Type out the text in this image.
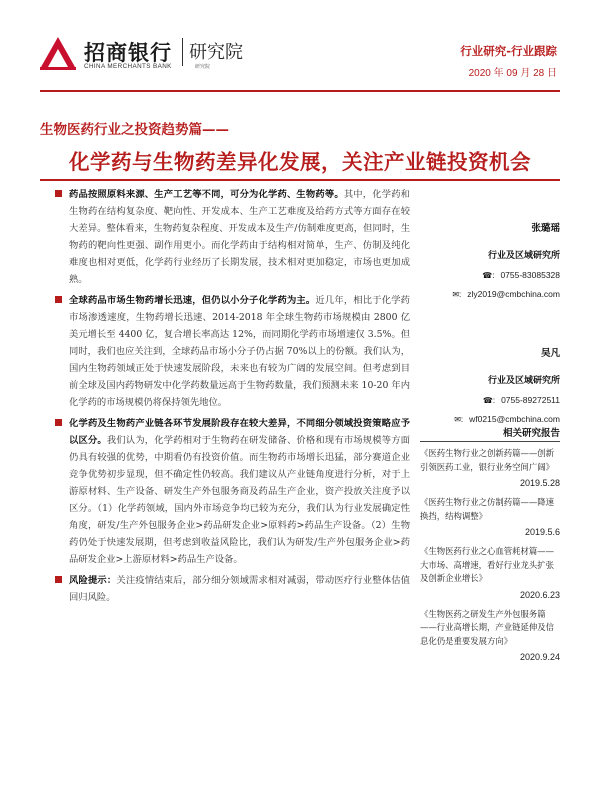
招商银行 研究院
CHINA MERCHANTS BANK	研究院
行业研究-行业跟踪
2020 年 09 月 28 日
生物医药行业之投资趋势篇——
化学药与生物药差异化发展，关注产业链投资机会
药品按照原料来源、生产工艺等不同，可分为化学药、生物药等。其中，化学药和生物药在结构复杂度、靶向性、开发成本、生产工艺难度及给药方式等方面存在较大差异。整体看来，生物药复杂程度、开发成本及生产/仿制难度更高，但同时，生物药的靶向性更强、副作用更小。而化学药由于结构相对简单，生产、仿制及纯化难度也相对更低，化学药行业经历了长期发展，技术相对更加稳定，市场也更加成熟。
全球药品市场生物药增长迅速，但仍以小分子化学药为主。近几年，相比于化学药市场渗透速度，生物药增长迅速、2014-2018 年全球生物药市场规模由 2800 亿美元增长至 4400 亿，复合增长率高达 12%，而同期化学药市场增速仅 3.5%。但同时，我们也应关注到，全球药品市场小分子仍占据 70%以上的份额。我们认为，国内生物药领域正处于快速发展阶段，未来也有较为广阔的发展空间。但考虑到目前全球及国内药物研发中化学药数量远高于生物药数量，我们预测未来 10-20 年内化学药的市场规模仍将保持领先地位。
化学药及生物药产业链各环节发展阶段存在较大差异，不同细分领域投资策略应予以区分。我们认为，化学药相对于生物药在研发储备、价格和现有市场规模等方面仍具有较强的优势，中期看仍有投资价值。而生物药市场增长迅猛，部分赛道企业竞争优势初步显现，但不确定性仍较高。我们建议从产业链角度进行分析，对于上游原材料、生产设备、研发生产外包服务商及药品生产企业，资产投放关注度予以区分。（1）化学药领域，国内外市场竞争均已较为充分，我们认为行业发展确定性角度，研发/生产外包服务企业>药品研发企业>原料药>药品生产设备。（2）生物药仍处于快速发展期，但考虑到收益风险比，我们认为研发/生产外包服务企业>药品研发企业>上游原材料>药品生产设备。
风险提示：关注疫情结束后，部分细分领域需求相对减弱，带动医疗行业整体估值回归风险。
张璐瑶
行业及区域研究所
☎: 0755-83085328
✉: zly2019@cmbchina.com
吴凡
行业及区域研究所
☎: 0755-89272511
✉: wf0215@cmbchina.com
相关研究报告
《医药生物行业之创新药篇——创新引领医药工业，银行业务空间广阔》
2019.5.28
《医药生物行业之仿制药篇——降速换挡，结构调整》
2019.5.6
《生物医药行业之心血管耗材篇——大市场、高增速，看好行业龙头扩张及创新企业增长》
2020.6.23
《生物医药之研发生产外包服务篇——行业高增长期，产业链延伸及信息化仍是重要发展方向》
2020.9.24
